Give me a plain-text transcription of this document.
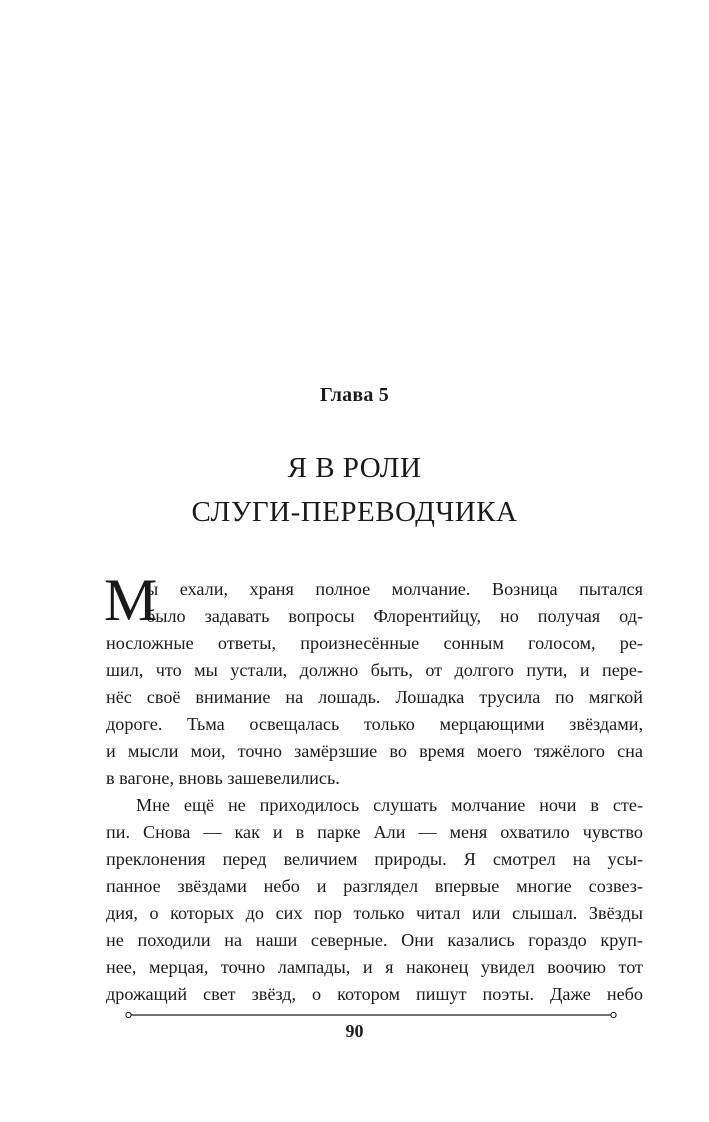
Глава 5
Я В РОЛИ
СЛУГИ-ПЕРЕВОДЧИКА
М
ы ехали, храня полное молчание. Возница пытался
было задавать вопросы Флорентийцу, но получая од-
носложные ответы, произнесённые сонным голосом, ре-
шил, что мы устали, должно быть, от долгого пути, и пере-
нёс своё внимание на лошадь. Лошадка трусила по мягкой
дороге. Тьма освещалась только мерцающими звёздами,
и мысли мои, точно замёрзшие во время моего тяжёлого сна
в вагоне, вновь зашевелились.
Мне ещё не приходилось слушать молчание ночи в сте-
пи. Снова — как и в парке Али — меня охватило чувство
преклонения перед величием природы. Я смотрел на усы-
панное звёздами небо и разглядел впервые многие созвез-
дия, о которых до сих пор только читал или слышал. Звёзды
не походили на наши северные. Они казались гораздо круп-
нее, мерцая, точно лампады, и я наконец увидел воочию тот
дрожащий свет звёзд, о котором пишут поэты. Даже небо
90
